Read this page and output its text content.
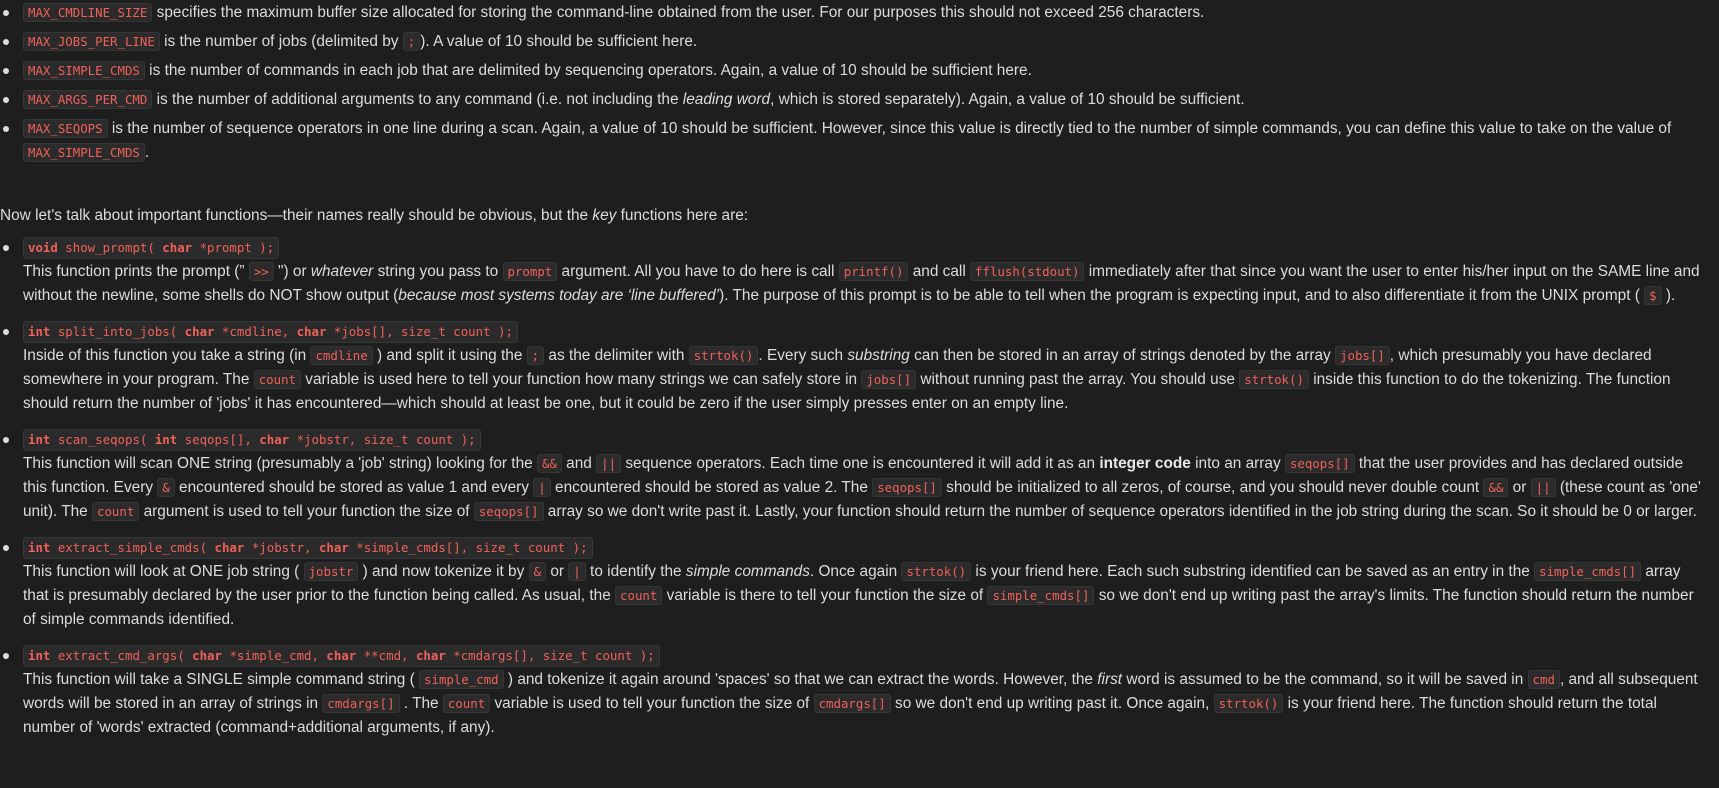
MAX_CMDLINE_SIZE specifies the maximum buffer size allocated for storing the command-line obtained from the user. For our purposes this should not exceed 256 characters.
MAX_JOBS_PER_LINE is the number of jobs (delimited by ; ). A value of 10 should be sufficient here.
MAX_SIMPLE_CMDS is the number of commands in each job that are delimited by sequencing operators. Again, a value of 10 should be sufficient here.
MAX_ARGS_PER_CMD is the number of additional arguments to any command (i.e. not including the leading word, which is stored separately). Again, a value of 10 should be sufficient.
MAX_SEQOPS is the number of sequence operators in one line during a scan. Again, a value of 10 should be sufficient. However, since this value is directly tied to the number of simple commands, you can define this value to take on the value of MAX_SIMPLE_CMDS .

Now let's talk about important functions—their names really should be obvious, but the key functions here are:

void show_prompt( char *prompt );
This function prints the prompt (” >> ") or whatever string you pass to prompt argument. All you have to do here is call printf() and call fflush(stdout) immediately after that since you want the user to enter his/her input on the SAME line and without the newline, some shells do NOT show output (because most systems today are ‘line buffered’). The purpose of this prompt is to be able to tell when the program is expecting input, and to also differentiate it from the UNIX prompt ( $ ).
int split_into_jobs( char *cmdline, char *jobs[], size_t count );
Inside of this function you take a string (in cmdline ) and split it using the ; as the delimiter with strtok() . Every such substring can then be stored in an array of strings denoted by the array jobs[] , which presumably you have declared somewhere in your program. The count variable is used here to tell your function how many strings we can safely store in jobs[] without running past the array. You should use strtok() inside this function to do the tokenizing. The function should return the number of 'jobs' it has encountered—which should at least be one, but it could be zero if the user simply presses enter on an empty line.
int scan_seqops( int seqops[], char *jobstr, size_t count );
This function will scan ONE string (presumably a 'job' string) looking for the && and || sequence operators. Each time one is encountered it will add it as an integer code into an array seqops[] that the user provides and has declared outside this function. Every & encountered should be stored as value 1 and every | encountered should be stored as value 2. The seqops[] should be initialized to all zeros, of course, and you should never double count && or || (these count as 'one' unit). The count argument is used to tell your function the size of seqops[] array so we don't write past it. Lastly, your function should return the number of sequence operators identified in the job string during the scan. So it should be 0 or larger.
int extract_simple_cmds( char *jobstr, char *simple_cmds[], size_t count );
This function will look at ONE job string ( jobstr ) and now tokenize it by & or | to identify the simple commands. Once again strtok() is your friend here. Each such substring identified can be saved as an entry in the simple_cmds[] array that is presumably declared by the user prior to the function being called. As usual, the count variable is there to tell your function the size of simple_cmds[] so we don't end up writing past the array's limits. The function should return the number of simple commands identified.
int extract_cmd_args( char *simple_cmd, char **cmd, char *cmdargs[], size_t count );
This function will take a SINGLE simple command string ( simple_cmd ) and tokenize it again around 'spaces' so that we can extract the words. However, the first word is assumed to be the command, so it will be saved in cmd , and all subsequent words will be stored in an array of strings in cmdargs[] . The count variable is used to tell your function the size of cmdargs[] so we don't end up writing past it. Once again, strtok() is your friend here. The function should return the total number of 'words' extracted (command+additional arguments, if any).
